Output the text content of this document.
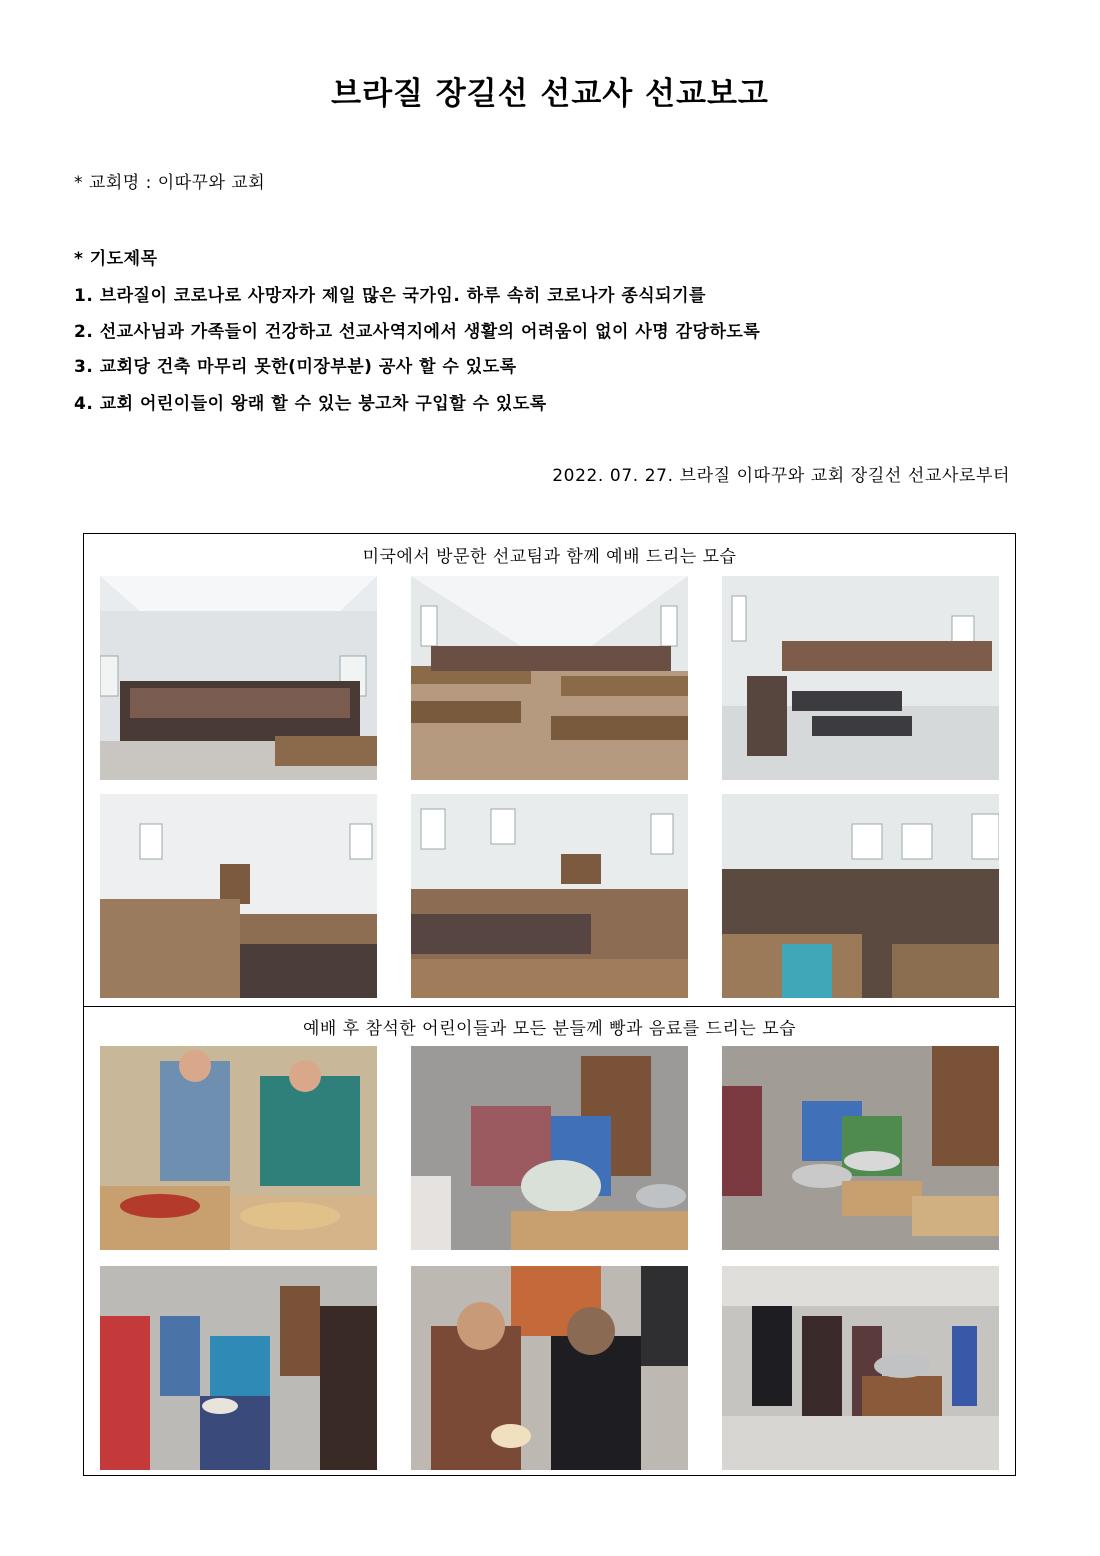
브라질 장길선 선교사 선교보고
* 교회명 : 이따꾸와 교회
* 기도제목
1. 브라질이 코로나로 사망자가 제일 많은 국가임. 하루 속히 코로나가 종식되기를
2. 선교사님과 가족들이 건강하고 선교사역지에서 생활의 어려움이 없이 사명 감당하도록
3. 교회당 건축 마무리 못한(미장부분) 공사 할 수 있도록
4. 교회 어린이들이 왕래 할 수 있는 붕고차 구입할 수 있도록
2022. 07. 27. 브라질 이따꾸와 교회 장길선 선교사로부터
미국에서 방문한 선교팀과 함께 예배 드리는 모습
예배 후 참석한 어린이들과 모든 분들께 빵과 음료를 드리는 모습
